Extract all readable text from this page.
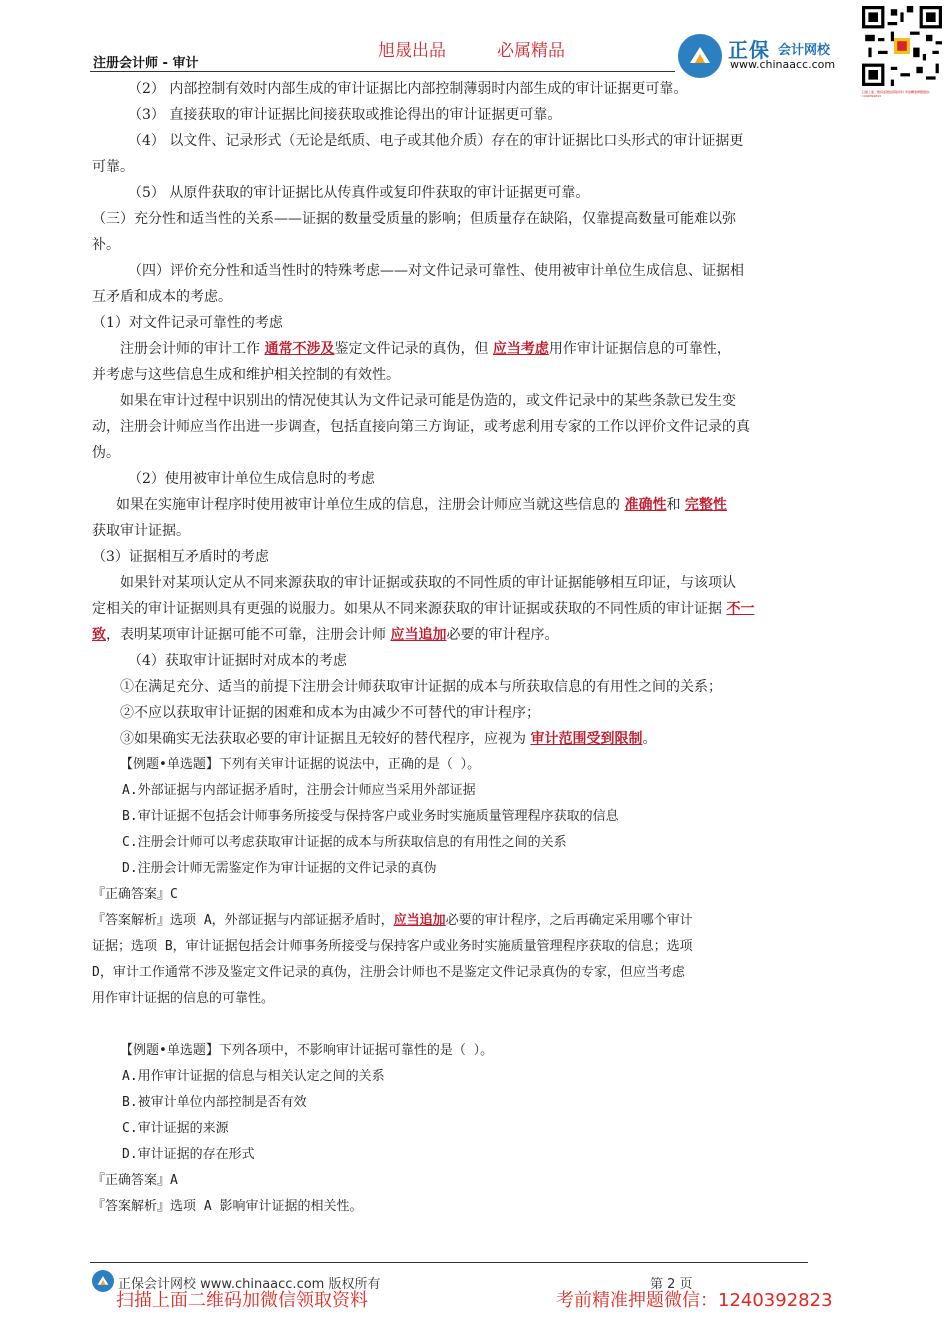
旭晟出品	必属精品
注册会计师 - 审计
正保 会计网校
www.chinaacc.com
扫描上面二维码加微信领取资料 考前精准押题微信：1240392823
（2） 内部控制有效时内部生成的审计证据比内部控制薄弱时内部生成的审计证据更可靠。
（3） 直接获取的审计证据比间接获取或推论得出的审计证据更可靠。
（4） 以文件、记录形式（无论是纸质、电子或其他介质）存在的审计证据比口头形式的审计证据更
可靠。
（5） 从原件获取的审计证据比从传真件或复印件获取的审计证据更可靠。
（三）充分性和适当性的关系——证据的数量受质量的影响；但质量存在缺陷，仅靠提高数量可能难以弥
补。
（四）评价充分性和适当性时的特殊考虑——对文件记录可靠性、使用被审计单位生成信息、证据相
互矛盾和成本的考虑。
（1）对文件记录可靠性的考虑
注册会计师的审计工作 通常不涉及鉴定文件记录的真伪，但 应当考虑用作审计证据信息的可靠性，
并考虑与这些信息生成和维护相关控制的有效性。
如果在审计过程中识别出的情况使其认为文件记录可能是伪造的，或文件记录中的某些条款已发生变
动，注册会计师应当作出进一步调查，包括直接向第三方询证，或考虑利用专家的工作以评价文件记录的真
伪。
（2）使用被审计单位生成信息时的考虑
如果在实施审计程序时使用被审计单位生成的信息，注册会计师应当就这些信息的 准确性和 完整性
获取审计证据。
（3）证据相互矛盾时的考虑
如果针对某项认定从不同来源获取的审计证据或获取的不同性质的审计证据能够相互印证，与该项认
定相关的审计证据则具有更强的说服力。如果从不同来源获取的审计证据或获取的不同性质的审计证据 不一
致，表明某项审计证据可能不可靠，注册会计师 应当追加必要的审计程序。
（4）获取审计证据时对成本的考虑
①在满足充分、适当的前提下注册会计师获取审计证据的成本与所获取信息的有用性之间的关系；
②不应以获取审计证据的困难和成本为由减少不可替代的审计程序；
③如果确实无法获取必要的审计证据且无较好的替代程序，应视为 审计范围受到限制。
【例题•单选题】下列有关审计证据的说法中，正确的是（ ）。
A.外部证据与内部证据矛盾时，注册会计师应当采用外部证据
B.审计证据不包括会计师事务所接受与保持客户或业务时实施质量管理程序获取的信息
C.注册会计师可以考虑获取审计证据的成本与所获取信息的有用性之间的关系
D.注册会计师无需鉴定作为审计证据的文件记录的真伪
『正确答案』C
『答案解析』选项 A，外部证据与内部证据矛盾时，应当追加必要的审计程序，之后再确定采用哪个审计
证据；选项 B，审计证据包括会计师事务所接受与保持客户或业务时实施质量管理程序获取的信息；选项
D，审计工作通常不涉及鉴定文件记录的真伪，注册会计师也不是鉴定文件记录真伪的专家，但应当考虑
用作审计证据的信息的可靠性。
【例题•单选题】下列各项中，不影响审计证据可靠性的是（ ）。
A.用作审计证据的信息与相关认定之间的关系
B.被审计单位内部控制是否有效
C.审计证据的来源
D.审计证据的存在形式
『正确答案』A
『答案解析』选项 A 影响审计证据的相关性。
正保会计网校 www.chinaacc.com 版权所有	第 2 页
扫描上面二维码加微信领取资料	考前精准押题微信：1240392823
